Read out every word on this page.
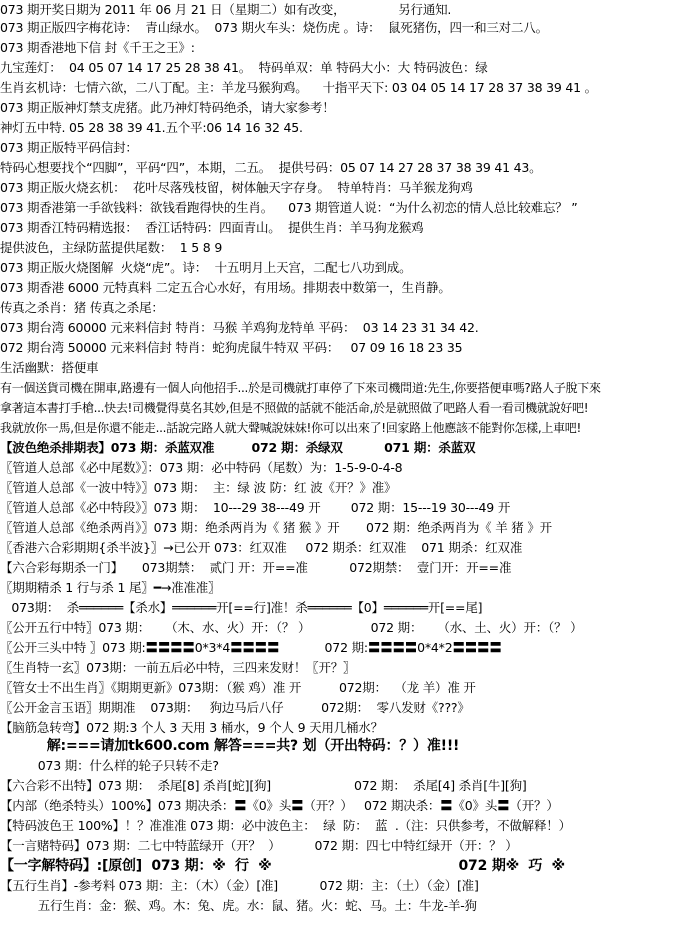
073 期开奖日期为 2011 年 06 月 21 日（星期二）如有改变，              另行通知.
073 期正版四字梅花诗：  青山绿水。  073 期火车头：烧伤虎 。诗：  鼠死猪伤，四一和三对二八。
073 期香港地下信 封《千王之王》:
九宝莲灯：  04 05 07 14 17 25 28 38 41。  特码单双：单 特码大小：大 特码波色：绿
生肖玄机诗：七情六欲，二八丁配。主：羊龙马猴狗鸡。    十指平天下: 03 04 05 14 17 28 37 38 39 41 。
073 期正版神灯禁支虎猪。此乃神灯特码绝杀，请大家参考！
神灯五中特. 05 28 38 39 41.五个平:06 14 16 32 45.
073 期正版特平码信封：
特码心想要找个“四脚”，平码“四”，本期，二五。  提供号码：05 07 14 27 28 37 38 39 41 43。
073 期正版火烧玄机：  花叶尽落残枝留，树体触天字存身。  特单特肖：马羊猴龙狗鸡
073 期香港第一手欲钱料：欲钱看跑得快的生肖。    073 期管道人说：“为什么初恋的情人总比较难忘？ ”
073 期香江特码精选报：  香江话特码：四面青山。  提供生肖：羊马狗龙猴鸡
提供波色，主绿防蓝提供尾数：  1 5 8 9
073 期正版火烧图解  火烧“虎”。诗：  十五明月上天宫，二配七八功到成。
073 期香港 6000 元特真料 二定五合心水好，有用场。排期表中数第一，生肖静。
传真之杀肖：猪 传真之杀尾：
073 期台湾 60000 元来料信封 特肖：马猴 羊鸡狗龙特单 平码：  03 14 23 31 34 42.
072 期台湾 50000 元来料信封 特肖：蛇狗虎鼠牛特双 平码：   07 09 16 18 23 35
生活幽默：搭便車
有一個送貨司機在開車,路邊有一個人向他招手...於是司機就打車停了下來司機問道:先生,你要搭便車嗎?路人子脫下來
拿著這本書打手槍...快去!司機覺得莫名其妙,但是不照做的話就不能活命,於是就照做了吧路人看一看司機就說好吧!
我就放你一馬,但是你還不能走...話說完路人就大聲喊說妹妹!你可以出來了!回家路上他應該不能對你怎樣,上車吧!
【波色绝杀排期表】073 期：杀蓝双准         072 期：杀绿双          071 期：杀蓝双
〖管道人总部《必中尾数》〗：073 期：必中特码（尾数）为：1-5-9-0-4-8
〖管道人总部《一波中特》〗073 期：  主：绿 波 防：红 波《开？》准》
〖管道人总部《必中特段》〗073 期：  10---29 38---49 开        072 期：15---19 30---49 开
〖管道人总部《绝杀两肖》〗073 期：绝杀两肖为《 猪 猴 》开       072 期：绝杀两肖为《 羊 猪 》开
〖香港六合彩期期{杀半波}〗→已公开 073：红双准     072 期杀：红双准    071 期杀：红双准
【六合彩每期杀一门】     073期禁：  贰门 开：开==准           072期禁：  壹门开：开==准
〖期期精杀 1 行与杀 1 尾〗━→准准准〗
073期：  杀══════【杀水】══════开[==行]准！杀══════【0】══════开[==尾]
〖公开五行中特〗073 期：    （木、水、火）开：（？ ）                072 期：    （水、土、火）开：（？ ）
〖公开三头中特 〗073 期:〓〓〓〓0*3*4〓〓〓〓            072 期:〓〓〓〓0*4*2〓〓〓〓
〖生肖特一玄〗073期：一前五后必中特，三四来发财！〖开？〗
〖管女士不出生肖〗《期期更新》073期：（猴 鸡）准 开          072期：  （龙 羊）准 开
〖公开金言玉语〗期期准    073期：   狗边马后八仔          072期：  零八发财《???》
【脑筋急转弯】072 期:3 个人 3 天用 3 桶水，9 个人 9 天用几桶水？
解:===请加tk600.com 解答===共? 划（开出特码：？）准!!!
073 期：什么样的轮子只转不走?
【六合彩不出特】073 期：  杀尾[8] 杀肖[蛇][狗]                      072 期：  杀尾[4] 杀肖[牛][狗]
【内部（绝杀特头）100%】073 期决杀：〓《0》头〓（开？）   072 期决杀：〓《0》头〓（开？）
【特码波色王 100%】！？准准准 073 期：必中波色主：  绿  防：  蓝  .（注：只供参考，不做解释！）
【一言赌特码】073 期：二七中特蓝绿开（开？  ）         072 期：四七中特红绿开（开：？ ）
【一字解特码】:[原创]  073 期：※  行  ※                                        072 期※  巧  ※
【五行生肖】-参考料 073 期：主：（木）（金）[准]           072 期：主：（土）（金）[准]
五行生肖：金：猴、鸡。木：兔、虎。水：鼠、猪。火：蛇、马。土：牛龙-羊-狗
